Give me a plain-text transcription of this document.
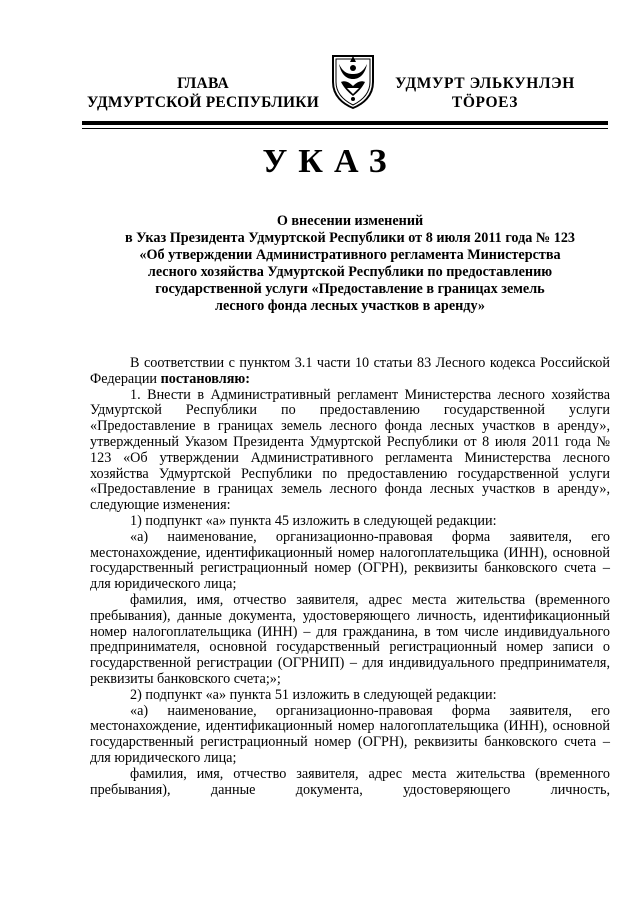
ГЛАВА
УДМУРТСКОЙ РЕСПУБЛИКИ
УДМУРТ ЭЛЬКУНЛЭН
ТӦРОЕЗ
УКАЗ
О внесении изменений
в Указ Президента Удмуртской Республики от 8 июля 2011 года № 123
«Об утверждении Административного регламента Министерства
лесного хозяйства Удмуртской Республики по предоставлению
государственной услуги «Предоставление в границах земель
лесного фонда лесных участков в аренду»

В соответствии с пунктом 3.1 части 10 статьи 83 Лесного кодекса Российской Федерации постановляю:

1. Внести в Административный регламент Министерства лесного хозяйства Удмуртской Республики по предоставлению государственной услуги «Предоставление в границах земель лесного фонда лесных участков в аренду», утвержденный Указом Президента Удмуртской Республики от 8 июля 2011 года № 123 «Об утверждении Административного регламента Министерства лесного хозяйства Удмуртской Республики по предоставлению государственной услуги «Предоставление в границах земель лесного фонда лесных участков в аренду», следующие изменения:

1) подпункт «а» пункта 45 изложить в следующей редакции:

«а) наименование, организационно-правовая форма заявителя, его местонахождение, идентификационный номер налогоплательщика (ИНН), основной государственный регистрационный номер (ОГРН), реквизиты банковского счета – для юридического лица;

фамилия, имя, отчество заявителя, адрес места жительства (временного пребывания), данные документа, удостоверяющего личность, идентификационный номер налогоплательщика (ИНН) – для гражданина, в том числе индивидуального предпринимателя, основной государственный регистрационный номер записи о государственной регистрации (ОГРНИП) – для индивидуального предпринимателя, реквизиты банковского счета;»;

2) подпункт «а» пункта 51 изложить в следующей редакции:

«а) наименование, организационно-правовая форма заявителя, его местонахождение, идентификационный номер налогоплательщика (ИНН), основной государственный регистрационный номер (ОГРН), реквизиты банковского счета – для юридического лица;

фамилия, имя, отчество заявителя, адрес места жительства (временного пребывания), данные документа, удостоверяющего личность,
